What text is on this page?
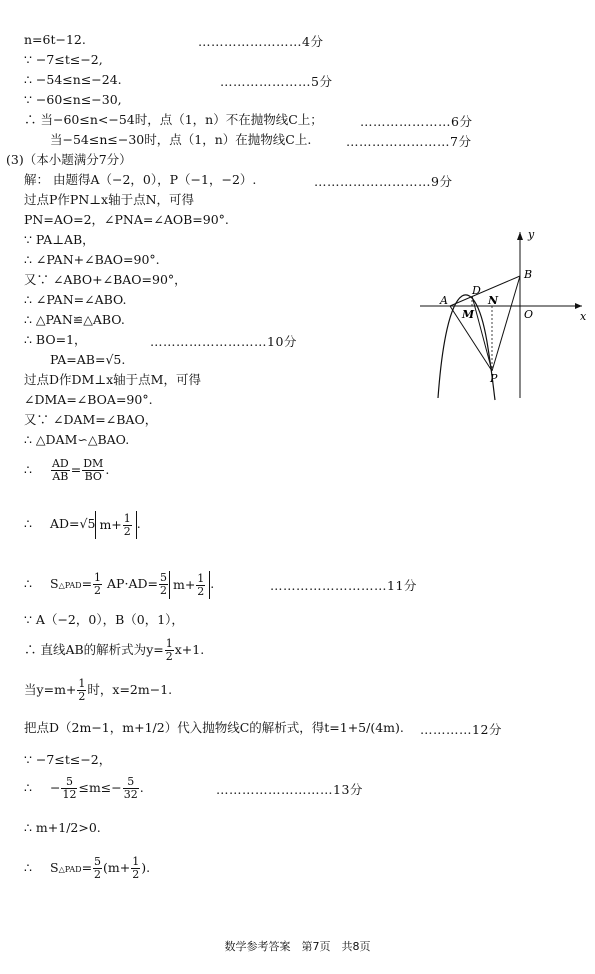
n=6t−12.	……………………4分
∵ −7≤t≤−2,
∴ −54≤n≤−24.	…………………5分
∵ −60≤n≤−30,
∴ 当−60≤n<−54时，点（1，n）不在抛物线C上；	…………………6分
当−54≤n≤−30时，点（1，n）在抛物线C上.	……………………7分
(3)（本小题满分7分）
解： 由题得A（−2，0），P（−1，−2）.	………………………9分
过点P作PN⊥x轴于点N，可得
PN=AO=2，∠PNA=∠AOB=90°.
∵ PA⊥AB，
∴ ∠PAN+∠BAO=90°.
又∵ ∠ABO+∠BAO=90°，
∴ ∠PAN=∠ABO.
∴ △PAN≌△ABO.
∴ BO=1，	………………………10分
PA=AB=√5.
过点D作DM⊥x轴于点M，可得
∠DMA=∠BOA=90°.
又∵ ∠DAM=∠BAO，
∴ △DAM∽△BAO.
∴ $\frac{AD}{AB} = \frac{DM}{BO}$ .
∴ AD=√5 $m+ \frac{1}{2}$ .
∴ S△PAD= $\frac{1}{2} AP\cdot AD= \frac{5}{2} m+ \frac{1}{2}$ .	………………………11分
∵ A（−2，0），B（0，1），
∴ 直线AB的解析式为$y= \frac{1}{2} x+1$.
当$y=m+ \frac{1}{2}$ 时，x=2m−1.
把点D（2m−1，m+1/2）代入抛物线C的解析式，得t=1+5/(4m). …………12分
∵ −7≤t≤−2，
∴ − $\frac{5}{12} \le m\le- \frac{5}{32}$ .	………………………13分
∴ m+1/2>0.
∴ S△PAD= $\frac{5}{2} (m+ \frac{1}{2}$ ).
y
x
A
D
N
M
B
O
P
数学参考答案　第7页　共8页
